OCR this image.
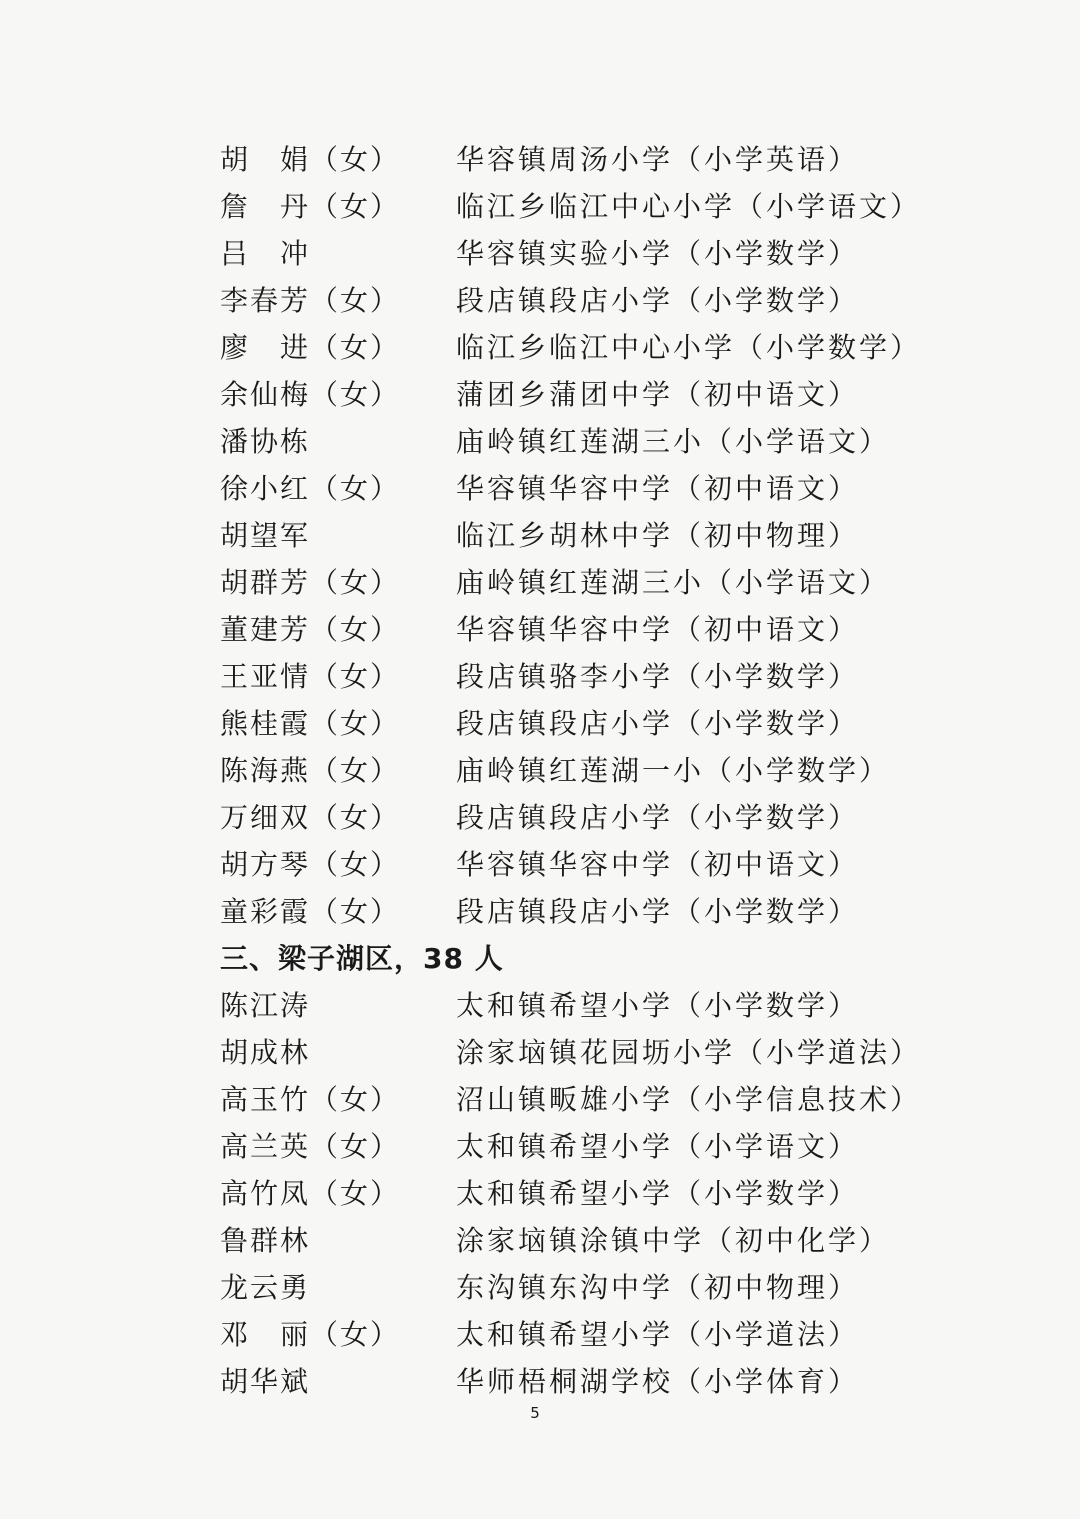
胡　娟（女） 华容镇周汤小学（小学英语）
詹　丹（女） 临江乡临江中心小学（小学语文）
吕　冲	华容镇实验小学（小学数学）
李春芳（女） 段店镇段店小学（小学数学）
廖　进（女） 临江乡临江中心小学（小学数学）
余仙梅（女） 蒲团乡蒲团中学（初中语文）
潘协栋	庙岭镇红莲湖三小（小学语文）
徐小红（女） 华容镇华容中学（初中语文）
胡望军	临江乡胡林中学（初中物理）
胡群芳（女） 庙岭镇红莲湖三小（小学语文）
董建芳（女） 华容镇华容中学（初中语文）
王亚情（女） 段店镇骆李小学（小学数学）
熊桂霞（女） 段店镇段店小学（小学数学）
陈海燕（女） 庙岭镇红莲湖一小（小学数学）
万细双（女） 段店镇段店小学（小学数学）
胡方琴（女） 华容镇华容中学（初中语文）
童彩霞（女） 段店镇段店小学（小学数学）
三、梁子湖区，38 人
陈江涛	太和镇希望小学（小学数学）
胡成林	涂家垴镇花园坜小学（小学道法）
高玉竹（女） 沼山镇畈雄小学（小学信息技术）
高兰英（女） 太和镇希望小学（小学语文）
高竹凤（女） 太和镇希望小学（小学数学）
鲁群林	涂家垴镇涂镇中学（初中化学）
龙云勇	东沟镇东沟中学（初中物理）
邓　丽（女） 太和镇希望小学（小学道法）
胡华斌	华师梧桐湖学校（小学体育）
5
